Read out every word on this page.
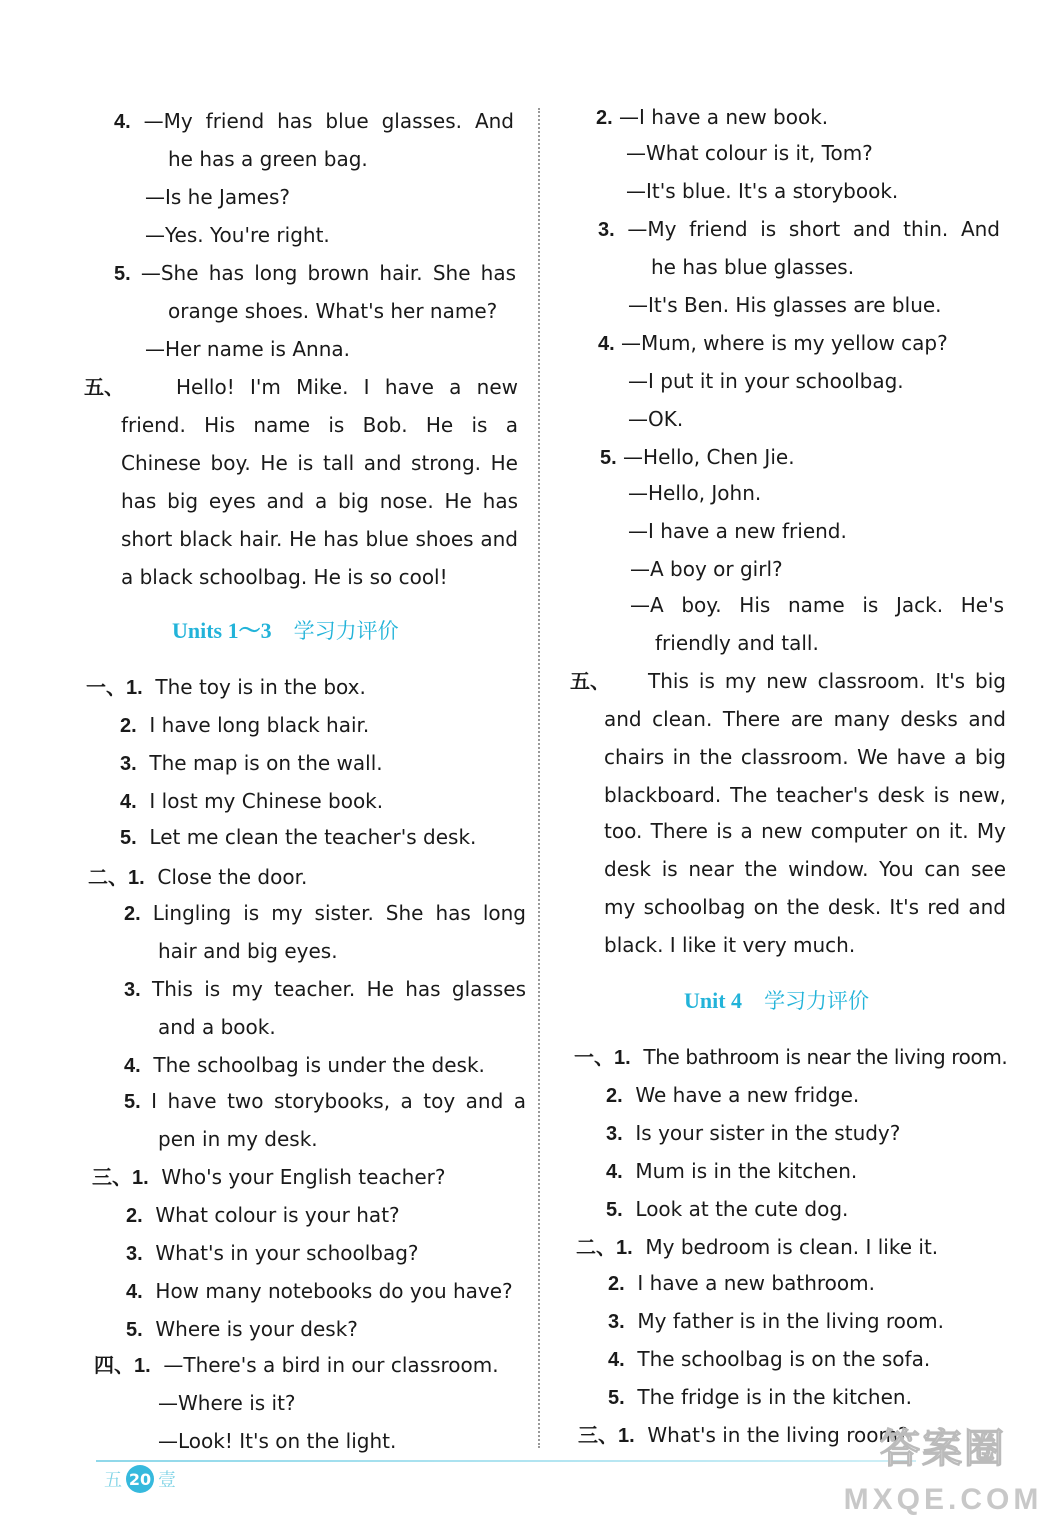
4. —My friend has blue glasses. And
he has a green bag.
—Is he James?
—Yes. You're right.
5. —She has long brown hair. She has
orange shoes. What's her name?
—Her name is Anna.
五、	Hello! I'm Mike. I have a new
friend. His name is Bob. He is a
Chinese boy. He is tall and strong. He
has big eyes and a big nose. He has
short black hair. He has blue shoes and
a black schoolbag. He is so cool!
Units 1～3 学习力评价
一、1. The toy is in the box.
2. I have long black hair.
3. The map is on the wall.
4. I lost my Chinese book.
5. Let me clean the teacher's desk.
二、1. Close the door.
2. Lingling is my sister. She has long
hair and big eyes.
3. This is my teacher. He has glasses
and a book.
4. The schoolbag is under the desk.
5. I have two storybooks, a toy and a
pen in my desk.
三、1. Who's your English teacher?
2. What colour is your hat?
3. What's in your schoolbag?
4. How many notebooks do you have?
5. Where is your desk?
四、1. —There's a bird in our classroom.
—Where is it?
—Look! It's on the light.
2. —I have a new book.
—What colour is it, Tom?
—It's blue. It's a storybook.
3. —My friend is short and thin. And
he has blue glasses.
—It's Ben. His glasses are blue.
4. —Mum, where is my yellow cap?
—I put it in your schoolbag.
—OK.
5. —Hello, Chen Jie.
—Hello, John.
—I have a new friend.
—A boy or girl?
—A boy. His name is Jack. He's
friendly and tall.
五、 This is my new classroom. It's big
and clean. There are many desks and
chairs in the classroom. We have a big
blackboard. The teacher's desk is new,
too. There is a new computer on it. My
desk is near the window. You can see
my schoolbag on the desk. It's red and
black. I like it very much.
Unit 4 学习力评价
一、1. The bathroom is near the living room.
2. We have a new fridge.
3. Is your sister in the study?
4. Mum is in the kitchen.
5. Look at the cute dog.
二、1. My bedroom is clean. I like it.
2. I have a new bathroom.
3. My father is in the living room.
4. The schoolbag is on the sofa.
5. The fridge is in the kitchen.
三、1. What's in the living room?
五 20 壹
答案圈
MXQE.COM
